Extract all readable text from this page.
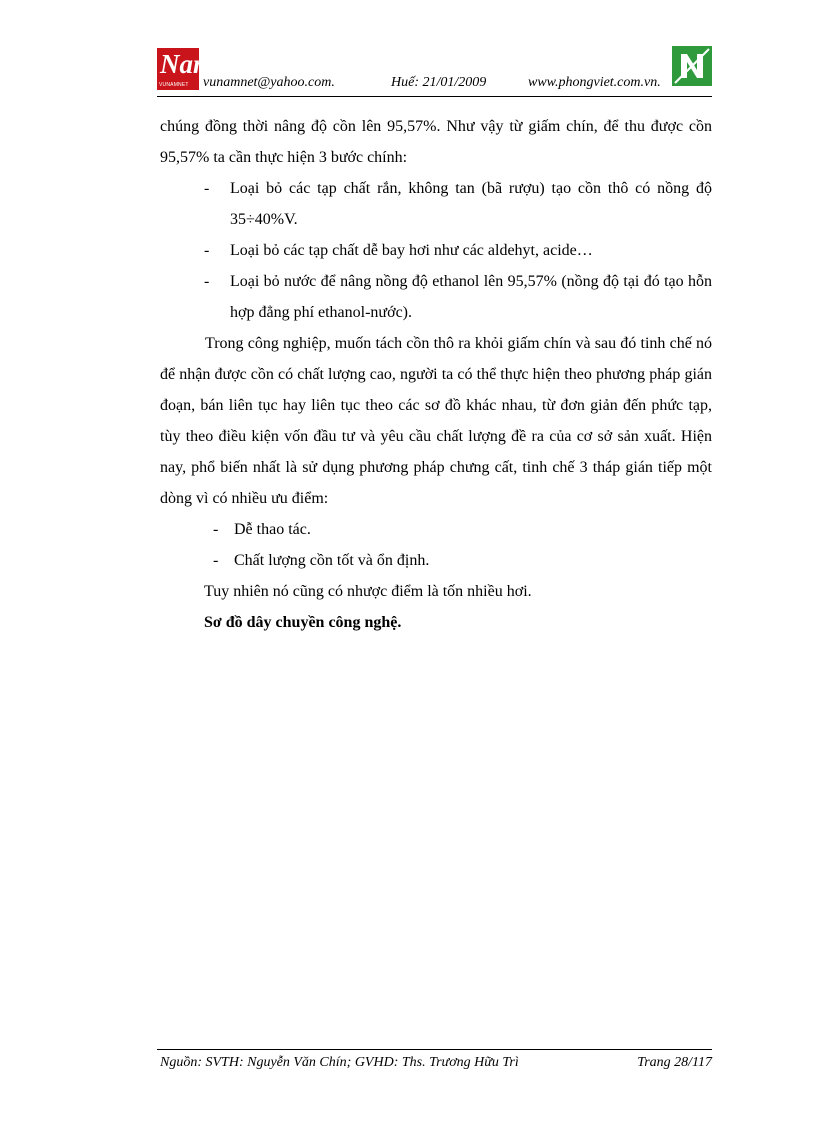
Nam
VUNAMNET vunamnet@yahoo.com.	Huế: 21/01/2009	www.phongviet.com.vn.

chúng đồng thời nâng độ cồn lên 95,57%. Như vậy từ giấm chín, để thu được cồn 95,57% ta cần thực hiện 3 bước chính:

- Loại bỏ các tạp chất rắn, không tan (bã rượu) tạo cồn thô có nồng độ 35÷40%V.

- Loại bỏ các tạp chất dễ bay hơi như các aldehyt, acide…

- Loại bỏ nước để nâng nồng độ ethanol lên 95,57% (nồng độ tại đó tạo hỗn hợp đẳng phí ethanol-nước).

Trong công nghiệp, muốn tách cồn thô ra khỏi giấm chín và sau đó tinh chế nó để nhận được cồn có chất lượng cao, người ta có thể thực hiện theo phương pháp gián đoạn, bán liên tục hay liên tục theo các sơ đồ khác nhau, từ đơn giản đến phức tạp, tùy theo điều kiện vốn đầu tư và yêu cầu chất lượng đề ra của cơ sở sản xuất. Hiện nay, phổ biến nhất là sử dụng phương pháp chưng cất, tinh chế 3 tháp gián tiếp một dòng vì có nhiều ưu điểm:

- Dễ thao tác.

- Chất lượng cồn tốt và ổn định.

Tuy nhiên nó cũng có nhược điểm là tốn nhiều hơi.

Sơ đồ dây chuyền công nghệ.

Nguồn: SVTH: Nguyễn Văn Chín; GVHD: Ths. Trương Hữu Trì	Trang 28/117
